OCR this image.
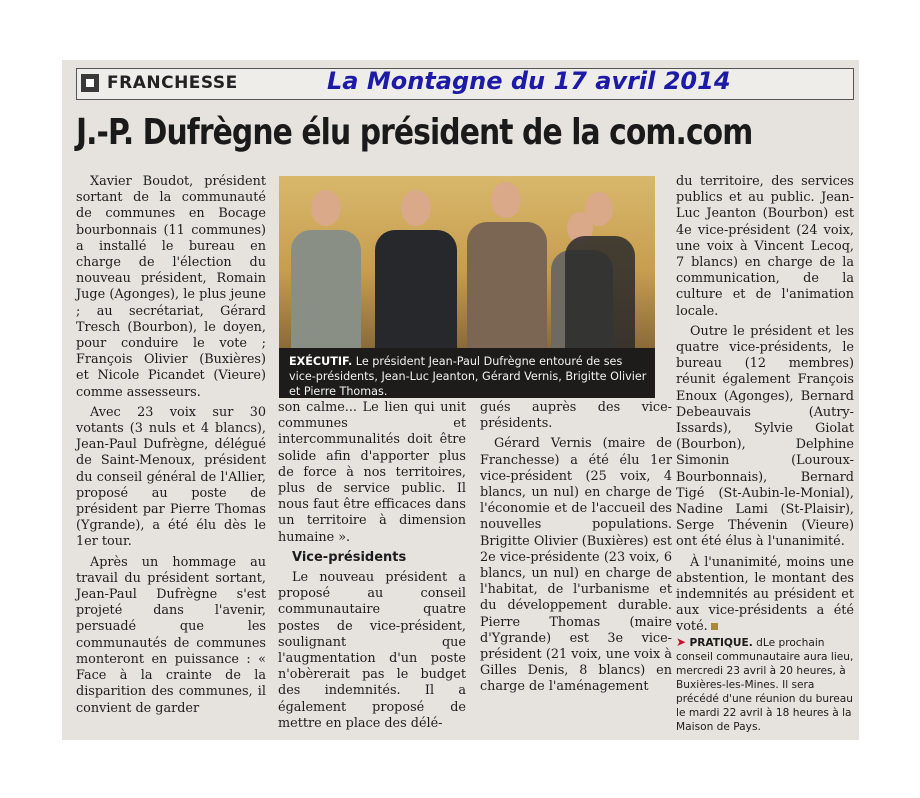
FRANCHESSE	La Montagne du 17 avril 2014
J.-P. Dufrègne élu président de la com.com

Xavier Boudot, président sortant de la communauté de communes en Bocage bourbonnais (11 communes) a installé le bureau en charge de l'élection du nouveau président, Romain Juge (Agonges), le plus jeune ; au secrétariat, Gérard Tresch (Bourbon), le doyen, pour conduire le vote ; François Olivier (Buxières) et Nicole Picandet (Vieure) comme assesseurs.

Avec 23 voix sur 30 votants (3 nuls et 4 blancs), Jean-Paul Dufrègne, délégué de Saint-Menoux, président du conseil général de l'Allier, proposé au poste de président par Pierre Thomas (Ygrande), a été élu dès le 1er tour.

Après un hommage au travail du président sortant, Jean-Paul Dufrègne s'est projeté dans l'avenir, persuadé que les communautés de communes monteront en puissance : « Face à la crainte de la disparition des communes, il convient de garder

EXÉCUTIF. Le président Jean-Paul Dufrègne entouré de ses vice-présidents, Jean-Luc Jeanton, Gérard Vernis, Brigitte Olivier et Pierre Thomas.

son calme... Le lien qui unit communes et intercommunalités doit être solide afin d'apporter plus de force à nos territoires, plus de service public. Il nous faut être efficaces dans un territoire à dimension humaine ».

Vice-présidents

Le nouveau président a proposé au conseil communautaire quatre postes de vice-président, soulignant que l'augmentation d'un poste n'obèrerait pas le budget des indemnités. Il a également proposé de mettre en place des délé-

gués auprès des vice-présidents.

Gérard Vernis (maire de Franchesse) a été élu 1er vice-président (25 voix, 4 blancs, un nul) en charge de l'économie et de l'accueil des nouvelles populations. Brigitte Olivier (Buxières) est 2e vice-présidente (23 voix, 6 blancs, un nul) en charge de l'habitat, de l'urbanisme et du développement durable. Pierre Thomas (maire d'Ygrande) est 3e vice-président (21 voix, une voix à Gilles Denis, 8 blancs) en charge de l'aménagement

du territoire, des services publics et au public. Jean-Luc Jeanton (Bourbon) est 4e vice-président (24 voix, une voix à Vincent Lecoq, 7 blancs) en charge de la communication, de la culture et de l'animation locale.

Outre le président et les quatre vice-présidents, le bureau (12 membres) réunit également François Enoux (Agonges), Bernard Debeauvais (Autry-Issards), Sylvie Giolat (Bourbon), Delphine Simonin (Louroux-Bourbonnais), Bernard Tigé (St-Aubin-le-Monial), Nadine Lami (St-Plaisir), Serge Thévenin (Vieure) ont été élus à l'unanimité.

À l'unanimité, moins une abstention, le montant des indemnités au président et aux vice-présidents a été voté.

➤ PRATIQUE. dLe prochain conseil communautaire aura lieu, mercredi 23 avril à 20 heures, à Buxières-les-Mines. Il sera précédé d'une réunion du bureau le mardi 22 avril à 18 heures à la Maison de Pays.
